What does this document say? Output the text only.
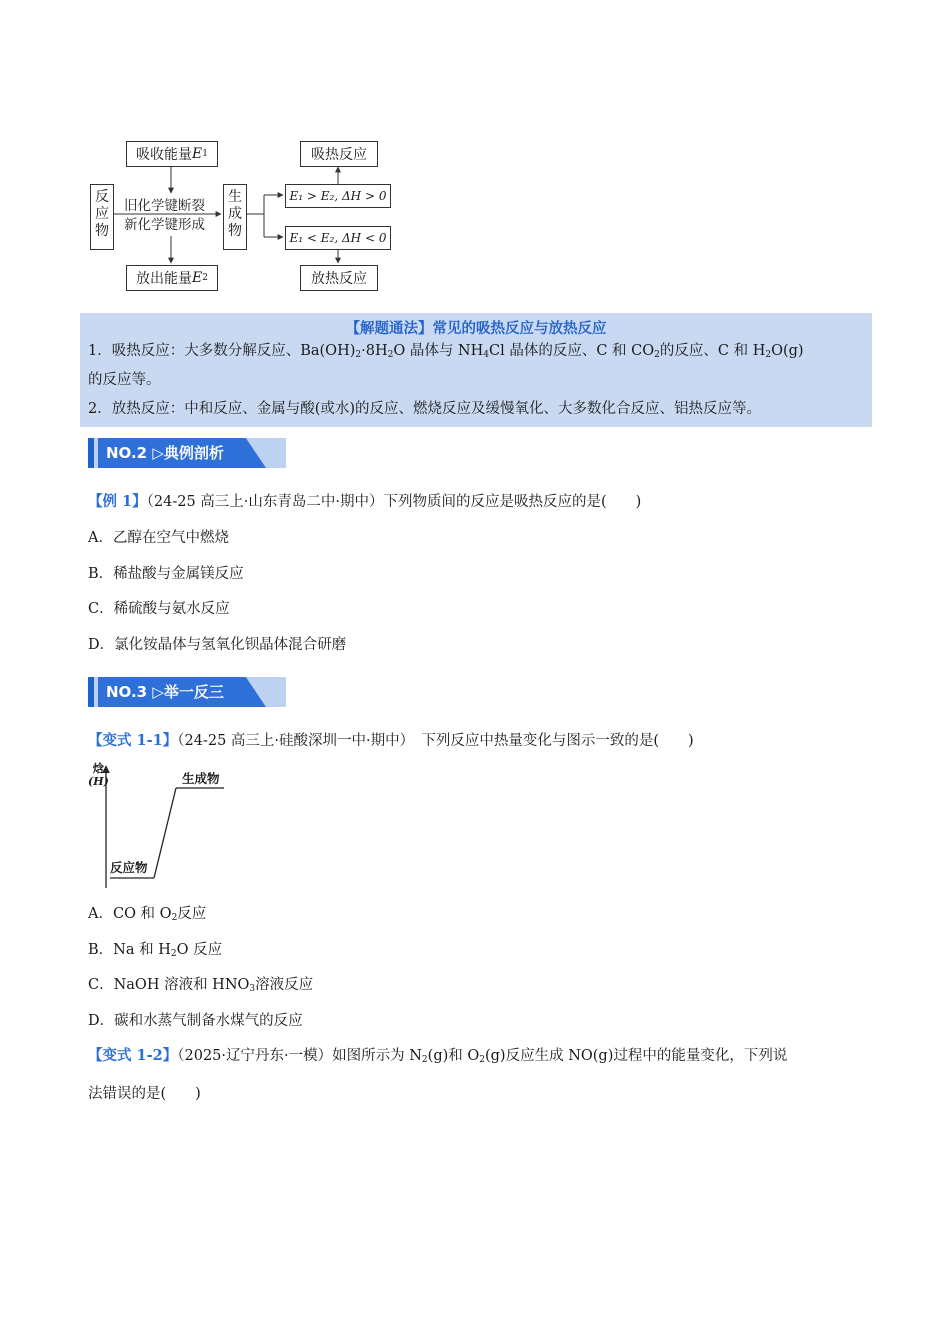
吸收能量 E 1
放出能量 E 2
反
应
物
旧化学键断裂
新化学键形成
生
成
物
E₁ > E₂, ΔH > 0
E₁ < E₂, ΔH < 0
吸热反应
放热反应
【解题通法】常见的吸热反应与放热反应
1．吸热反应：大多数分解反应、$Ba(OH)_2\cdot 8H_2O$ 晶体与 $NH_4Cl$ 晶体的反应、C 和 $CO_2$的反应、C 和 $H_2O(g)$
的反应等。
2．放热反应：中和反应、金属与酸(或水)的反应、燃烧反应及缓慢氧化、大多数化合反应、铝热反应等。
NO.2 ▷典例剖析
【例 1】（24-25 高三上·山东青岛二中·期中）下列物质间的反应是吸热反应的是(　　)
A．乙醇在空气中燃烧
B．稀盐酸与金属镁反应
C．稀硫酸与氨水反应
D．氯化铵晶体与氢氧化钡晶体混合研磨
NO.3 ▷举一反三
【变式 1-1】（24-25 高三上·硅酸深圳一中·期中）　下列反应中热量变化与图示一致的是(　　)
焓
(H)	生成物
反应物
A．CO 和 $O_2$反应
B．Na 和 $H_2O$ 反应
C．NaOH 溶液和 $HNO_3$溶液反应
D．碳和水蒸气制备水煤气的反应
【变式 1-2】（2025·辽宁丹东·一模）如图所示为 $N_2(g)$和 $O_2(g)$反应生成 NO(g)过程中的能量变化，下列说
法错误的是(　　)
